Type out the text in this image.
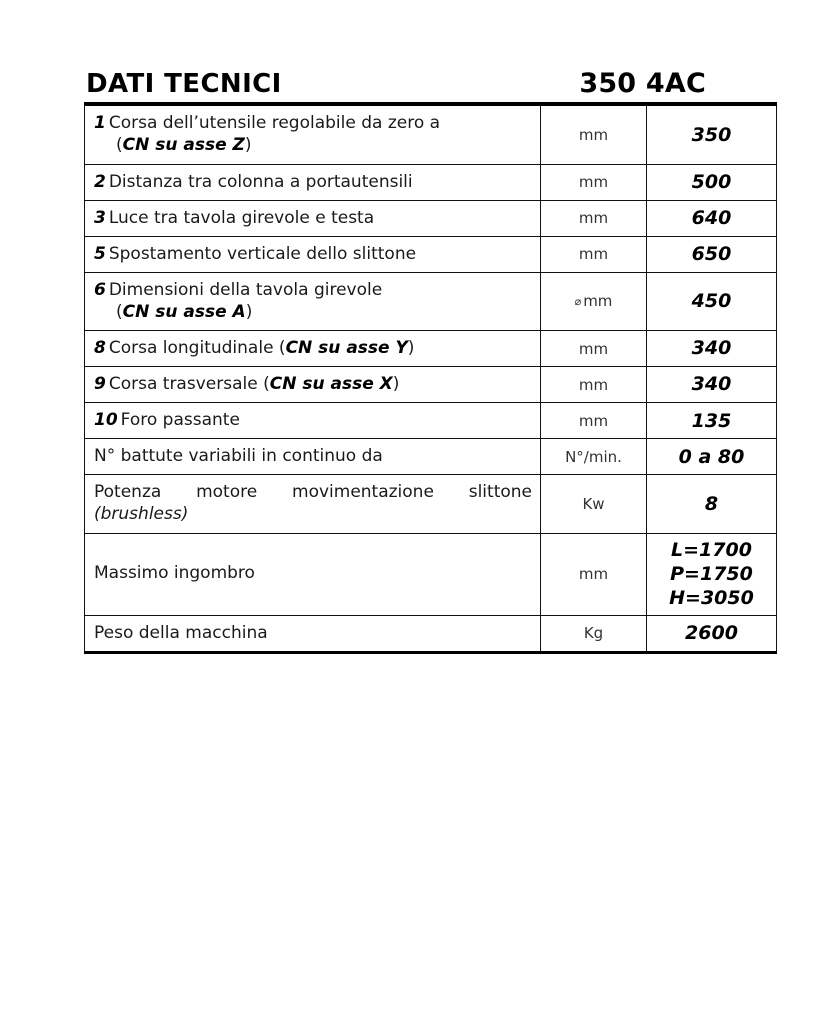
DATI TECNICI	350 4AC
1 Corsa dell’utensile regolabile da zero a
(CN su asse Z)	mm	350
2 Distanza tra colonna a portautensili	mm	500
3 Luce tra tavola girevole e testa	mm	640
5 Spostamento verticale dello slittone	mm	650
6 Dimensioni della tavola girevole
(CN su asse A)	⌀ mm	450
8 Corsa longitudinale (CN su asse Y)	mm	340
9 Corsa trasversale (CN su asse X)	mm	340
10 Foro passante	mm	135
N° battute variabili in continuo da	N°/min.	0 a 80

Potenza motore movimentazione slittone
(brushless)	Kw	8
Massimo ingombro	mm	L=1700
P=1750
H=3050

Peso della macchina	Kg	2600
